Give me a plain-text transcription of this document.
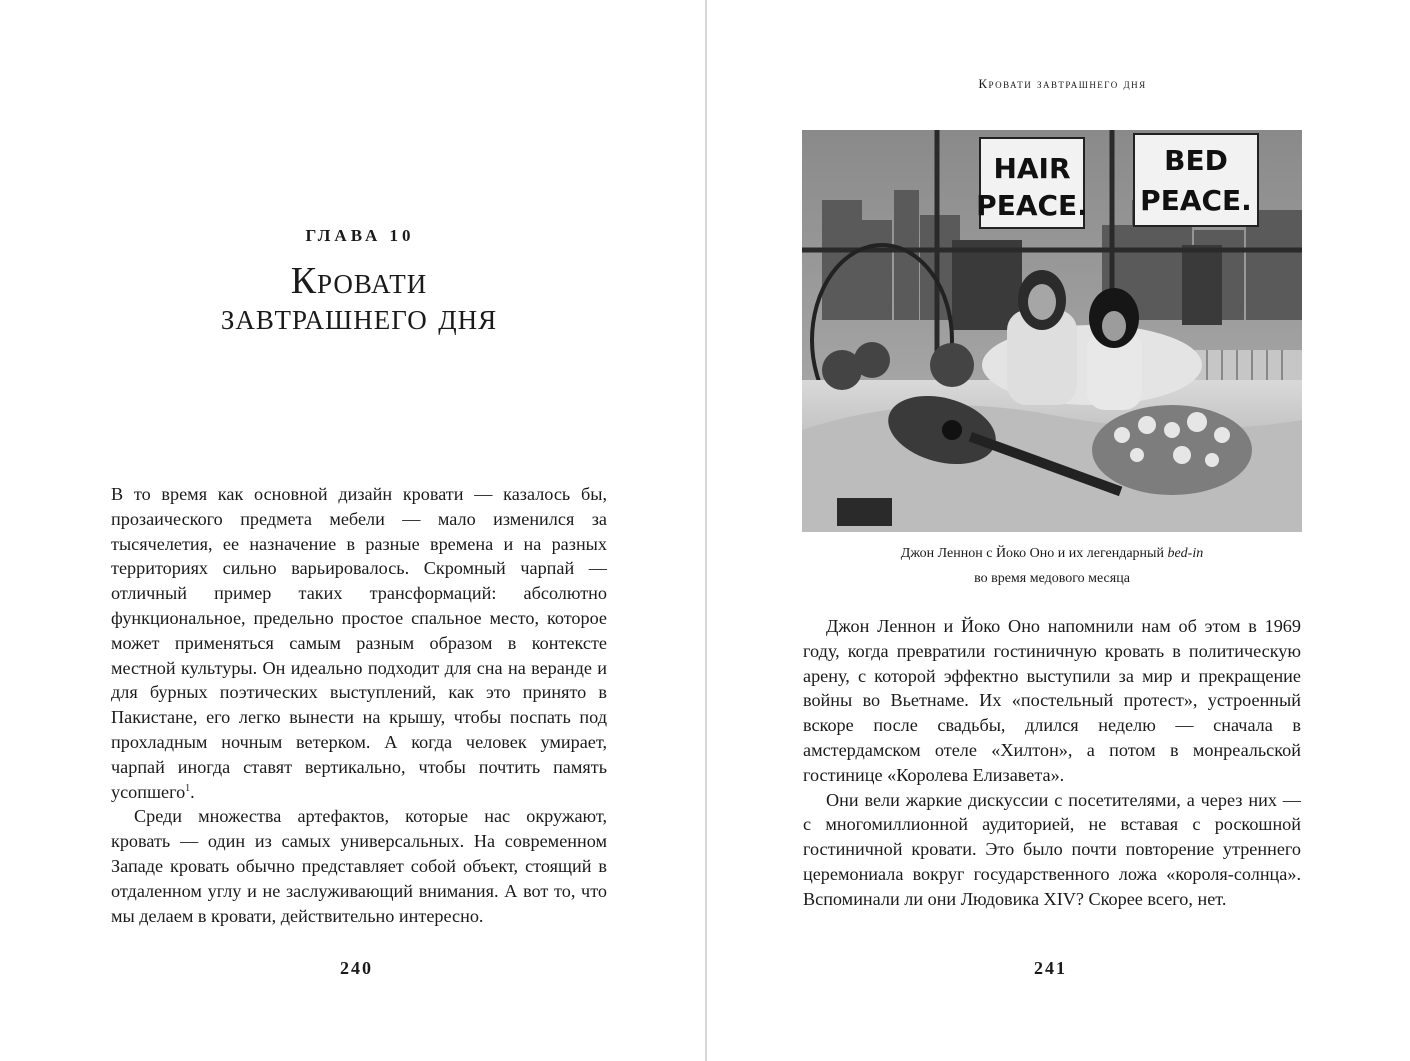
ГЛАВА 10
Кровати
завтрашнего дня

В то время как основной дизайн кровати — казалось бы, прозаического предмета мебели — мало изменился за тысячелетия, ее назначение в разные времена и на разных территориях сильно варьировалось. Скромный чарпай — отличный пример таких трансформаций: абсолютно функциональное, предельно простое спальное место, которое может применяться самым разным образом в контексте местной культуры. Он идеально подходит для сна на веранде и для бурных поэтических выступлений, как это принято в Пакистане, его легко вынести на крышу, чтобы поспать под прохладным ночным ветерком. А когда человек умирает, чарпай иногда ставят вертикально, чтобы почтить память усопшего$^1$.

Среди множества артефактов, которые нас окружают, кровать — один из самых универсальных. На современном Западе кровать обычно представляет собой объект, стоящий в отдаленном углу и не заслуживающий внимания. А вот то, что мы делаем в кровати, действительно интересно.

240
Кровати завтрашнего дня
HAIR
PEACE.
BED
PEACE.
Джон Леннон с Йоко Оно и их легендарный bed-in
во время медового месяца

Джон Леннон и Йоко Оно напомнили нам об этом в 1969 году, когда превратили гостиничную кровать в политическую арену, с которой эффектно выступили за мир и прекращение войны во Вьетнаме. Их «постельный протест», устроенный вскоре после свадьбы, длился неделю — сначала в амстердамском отеле «Хилтон», а потом в монреальской гостинице «Королева Елизавета».

Они вели жаркие дискуссии с посетителями, а через них — с многомиллионной аудиторией, не вставая с роскошной гостиничной кровати. Это было почти повторение утреннего церемониала вокруг государственного ложа «короля-солнца». Вспоминали ли они Людовика XIV? Скорее всего, нет.

241
